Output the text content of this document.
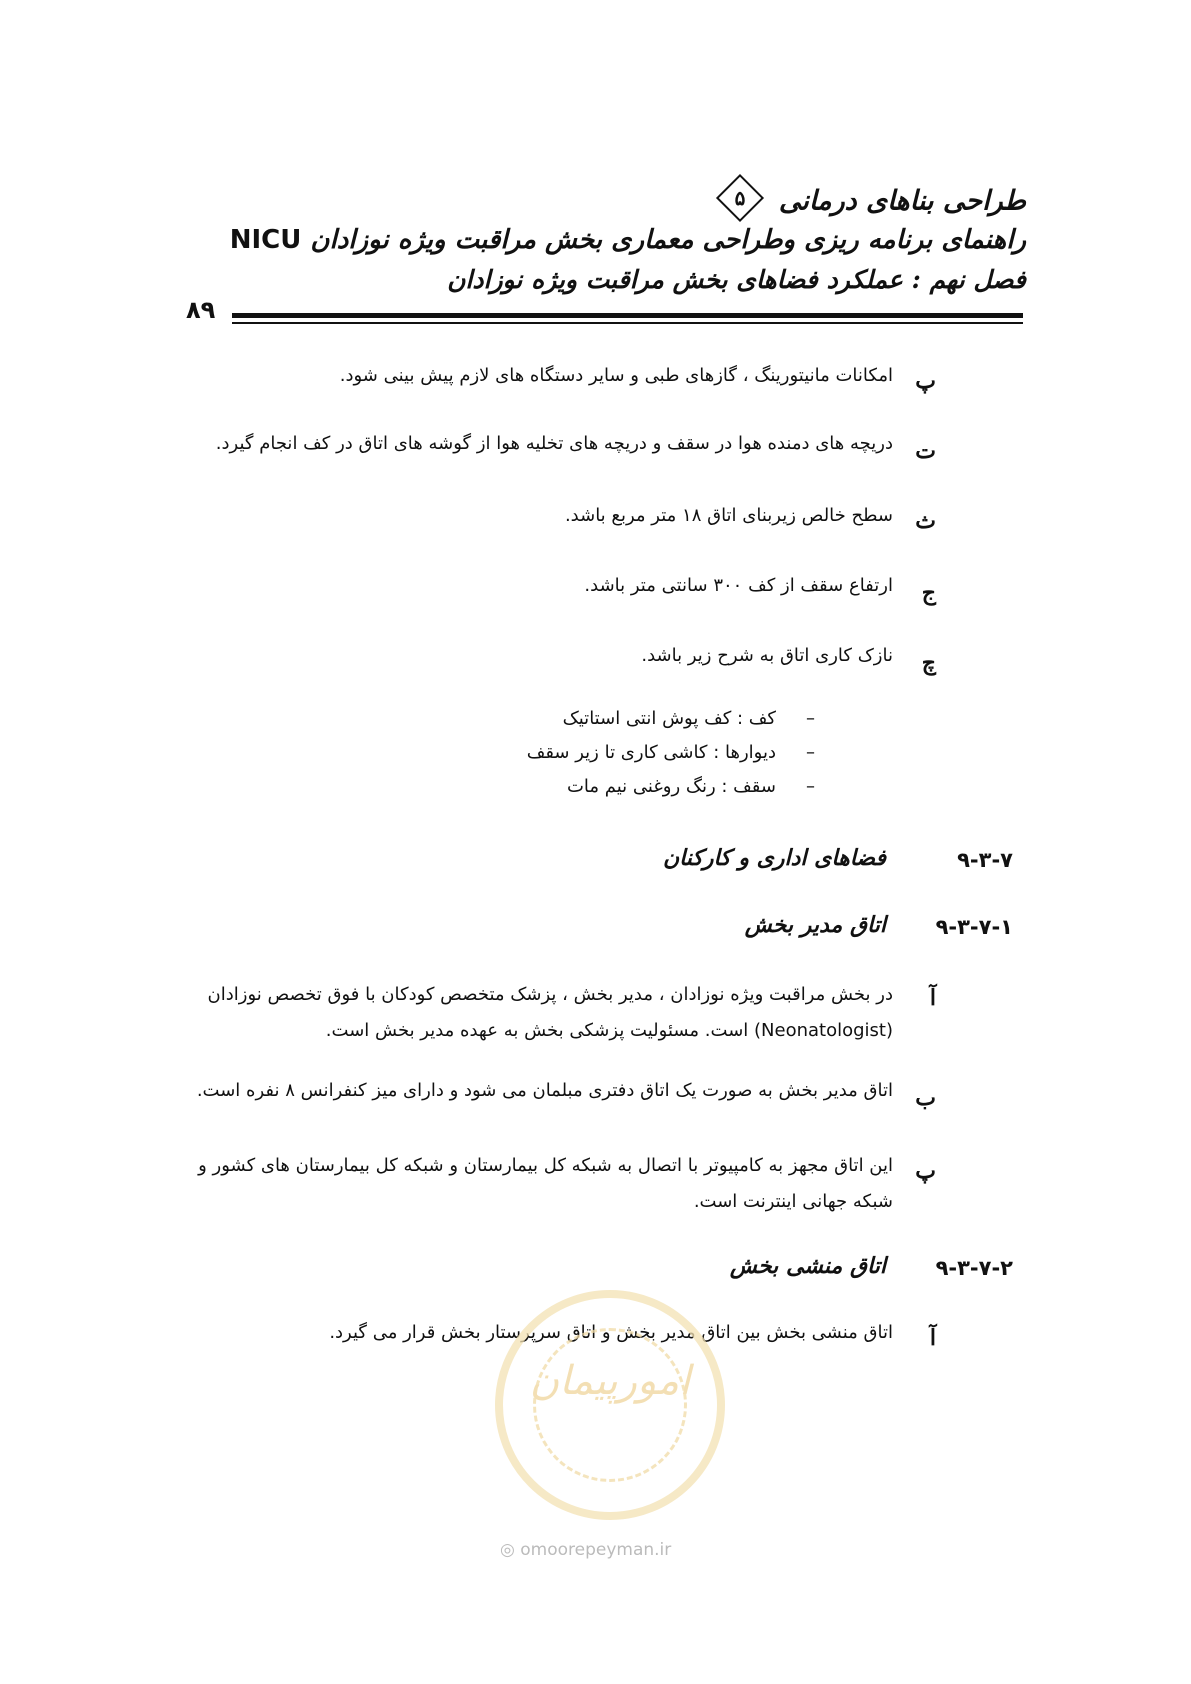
طراحی بناهای درمانی
۵
راهنمای برنامه ریزی وطراحی معماری بخش مراقبت ویژه نوزادان NICU
فصل نهم : عملکرد فضاهای بخش مراقبت ویژه نوزادان
۸۹
پ
امکانات مانیتورینگ ، گازهای طبی و سایر دستگاه های لازم پیش بینی شود.
ت
دریچه های دمنده هوا در سقف و دریچه های تخلیه هوا از گوشه های اتاق در کف انجام گیرد.
ث
سطح خالص زیربنای اتاق ۱۸ متر مربع باشد.
ج
ارتفاع سقف از کف ۳۰۰ سانتی متر باشد.
چ
نازک کاری اتاق به شرح زیر باشد.
–
کف : کف پوش انتی استاتیک
–
دیوارها : کاشی کاری تا زیر سقف
–
سقف : رنگ روغنی نیم مات
۹-۳-۷
فضاهای اداری و کارکنان
۹-۳-۷-۱
اتاق مدیر بخش
آ
در بخش مراقبت ویژه نوزادان ، مدیر بخش ، پزشک متخصص کودکان با فوق تخصص نوزادان (Neonatologist) است. مسئولیت پزشکی بخش به عهده مدیر بخش است.
ب
اتاق مدیر بخش به صورت یک اتاق دفتری مبلمان می شود و دارای میز کنفرانس ۸ نفره است.
پ
این اتاق مجهز به کامپیوتر با اتصال به شبکه کل بیمارستان و شبکه کل بیمارستان های کشور و شبکه جهانی اینترنت است.
۹-۳-۷-۲
اتاق منشی بخش
آ
اتاق منشی بخش بین اتاق مدیر بخش و اتاق سرپرستار بخش قرار می گیرد.
امورپیمان
◎ omoorepeyman.ir
